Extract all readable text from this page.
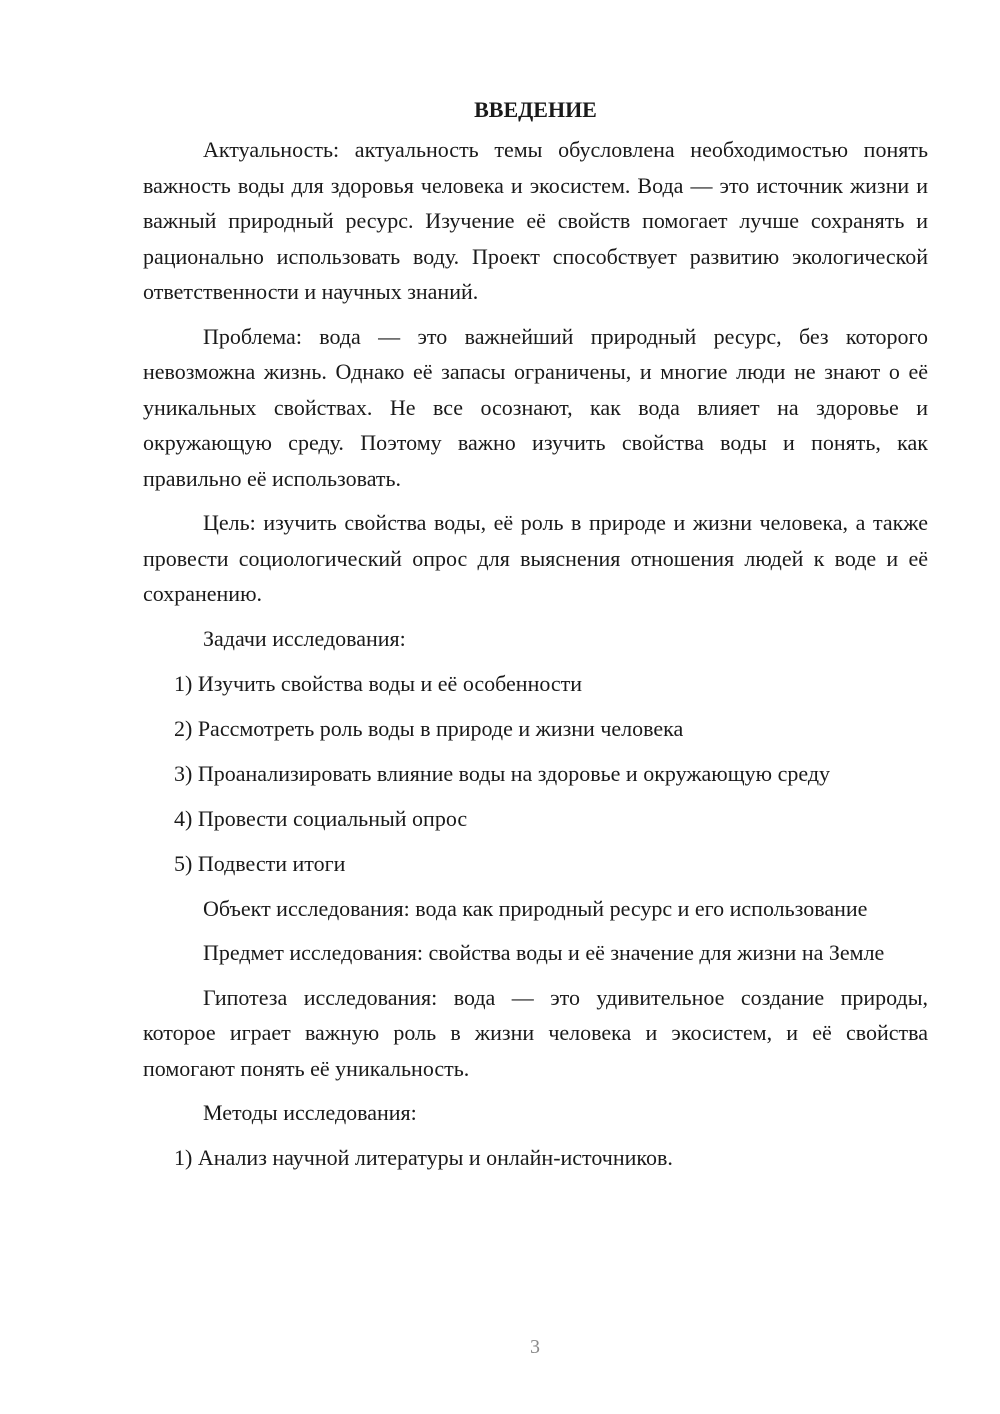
ВВЕДЕНИЕ

Актуальность: актуальность темы обусловлена необходимостью понять важность воды для здоровья человека и экосистем. Вода — это источник жизни и важный природный ресурс. Изучение её свойств помогает лучше сохранять и рационально использовать воду. Проект способствует развитию экологической ответственности и научных знаний.

Проблема: вода — это важнейший природный ресурс, без которого невозможна жизнь. Однако её запасы ограничены, и многие люди не знают о её уникальных свойствах. Не все осознают, как вода влияет на здоровье и окружающую среду. Поэтому важно изучить свойства воды и понять, как правильно её использовать.

Цель: изучить свойства воды, её роль в природе и жизни человека, а также провести социологический опрос для выяснения отношения людей к воде и её сохранению.

Задачи исследования:

1) Изучить свойства воды и её особенности
2) Рассмотреть роль воды в природе и жизни человека
3) Проанализировать влияние воды на здоровье и окружающую среду
4) Провести социальный опрос
5) Подвести итоги

Объект исследования: вода как природный ресурс и его использование

Предмет исследования: свойства воды и её значение для жизни на Земле

Гипотеза исследования: вода — это удивительное создание природы, которое играет важную роль в жизни человека и экосистем, и её свойства помогают понять её уникальность.

Методы исследования:

1) Анализ научной литературы и онлайн-источников.
3
